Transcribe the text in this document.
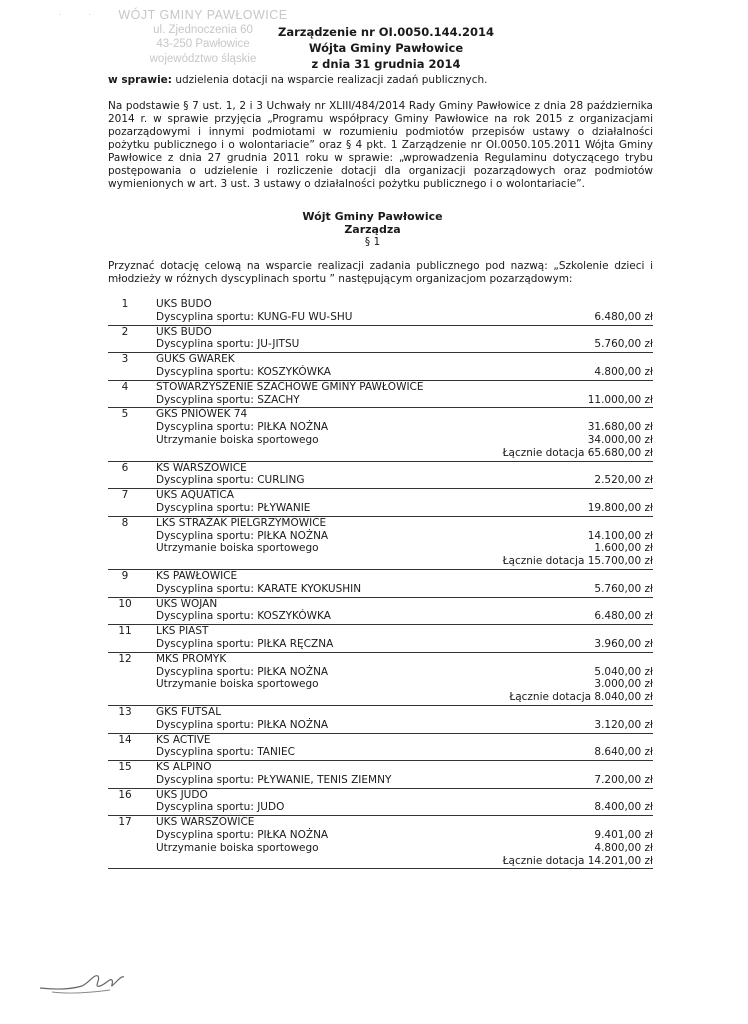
· · WÓJT GMINY PAWŁOWICE
ul. Zjednoczenia 60
43-250 Pawłowice
województwo śląskie
Zarządzenie nr OI.0050.144.2014
Wójta Gminy Pawłowice
z dnia 31 grudnia 2014
w sprawie: udzielenia dotacji na wsparcie realizacji zadań publicznych.
Na podstawie § 7 ust. 1, 2 i 3 Uchwały nr XLIII/484/2014 Rady Gminy Pawłowice z dnia 28 października 2014 r. w sprawie przyjęcia „Programu współpracy Gminy Pawłowice na rok 2015 z organizacjami pozarządowymi i innymi podmiotami w rozumieniu podmiotów przepisów ustawy o działalności pożytku publicznego i o wolontariacie” oraz § 4 pkt. 1 Zarządzenie nr OI.0050.105.2011 Wójta Gminy Pawłowice z dnia 27 grudnia 2011 roku w sprawie: „wprowadzenia Regulaminu dotyczącego trybu postępowania o udzielenie i rozliczenie dotacji dla organizacji pozarządowych oraz podmiotów wymienionych w art. 3 ust. 3 ustawy o działalności pożytku publicznego i o wolontariacie”.
Wójt Gminy Pawłowice
Zarządza
§ 1
Przyznać dotację celową na wsparcie realizacji zadania publicznego pod nazwą: „Szkolenie dzieci i młodzieży w różnych dyscyplinach sportu ” następującym organizacjom pozarządowym:
1	UKS BUDO
Dyscyplina sportu: KUNG-FU WU-SHU	6.480,00 zł
2	UKS BUDO
Dyscyplina sportu: JU-JITSU	5.760,00 zł
3	GUKS GWAREK
Dyscyplina sportu: KOSZYKÓWKA	4.800,00 zł
4	STOWARZYSZENIE SZACHOWE GMINY PAWŁOWICE
Dyscyplina sportu: SZACHY	11.000,00 zł
5	GKS PNIÓWEK 74
Dyscyplina sportu: PIŁKA NOŻNA	31.680,00 zł
Utrzymanie boiska sportowego	34.000,00 zł
Łącznie dotacja 65.680,00 zł
6	KS WARSZOWICE
Dyscyplina sportu: CURLING	2.520,00 zł
7	UKS AQUATICA
Dyscyplina sportu: PŁYWANIE	19.800,00 zł
8	LKS STRAŻAK PIELGRZYMOWICE
Dyscyplina sportu: PIŁKA NOŻNA	14.100,00 zł
Utrzymanie boiska sportowego	1.600,00 zł
Łącznie dotacja 15.700,00 zł
9	KS PAWŁOWICE
Dyscyplina sportu: KARATE KYOKUSHIN	5.760,00 zł
10	UKS WOJAN
Dyscyplina sportu: KOSZYKÓWKA	6.480,00 zł
11	LKS PIAST
Dyscyplina sportu: PIŁKA RĘCZNA	3.960,00 zł
12	MKS PROMYK
Dyscyplina sportu: PIŁKA NOŻNA	5.040,00 zł
Utrzymanie boiska sportowego	3.000,00 zł
Łącznie dotacja 8.040,00 zł
13	GKS FUTSAL
Dyscyplina sportu: PIŁKA NOŻNA	3.120,00 zł
14	KS ACTIVE
Dyscyplina sportu: TANIEC	8.640,00 zł
15	KS ALPINO
Dyscyplina sportu: PŁYWANIE, TENIS ZIEMNY	7.200,00 zł
16	UKS JUDO
Dyscyplina sportu: JUDO	8.400,00 zł
17	UKS WARSZOWICE
Dyscyplina sportu: PIŁKA NOŻNA	9.401,00 zł
Utrzymanie boiska sportowego	4.800,00 zł
Łącznie dotacja 14.201,00 zł
